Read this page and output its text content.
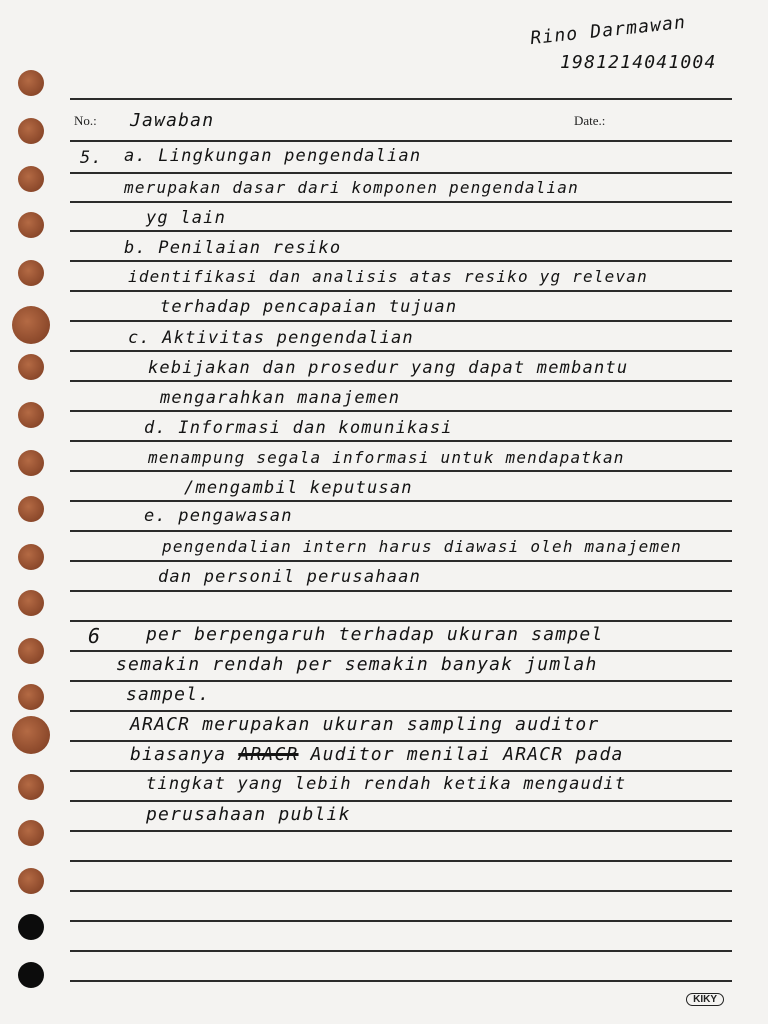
Rino Darmawan
1981214041004
No.: Jawaban	Date.:
5. a. Lingkungan pengendalian
merupakan dasar dari komponen pengendalian
yg lain
b. Penilaian resiko
identifikasi dan analisis atas resiko yg relevan
terhadap pencapaian tujuan
c. Aktivitas pengendalian
kebijakan dan prosedur yang dapat membantu
mengarahkan manajemen
d. Informasi dan komunikasi
menampung segala informasi untuk mendapatkan
/mengambil keputusan
e. pengawasan
pengendalian intern harus diawasi oleh manajemen
dan personil perusahaan
6 per berpengaruh terhadap ukuran sampel
semakin rendah per semakin banyak jumlah
sampel.
ARACR merupakan ukuran sampling auditor
biasanya ARACR Auditor menilai ARACR pada
tingkat yang lebih rendah ketika mengaudit
perusahaan publik
KIKY
